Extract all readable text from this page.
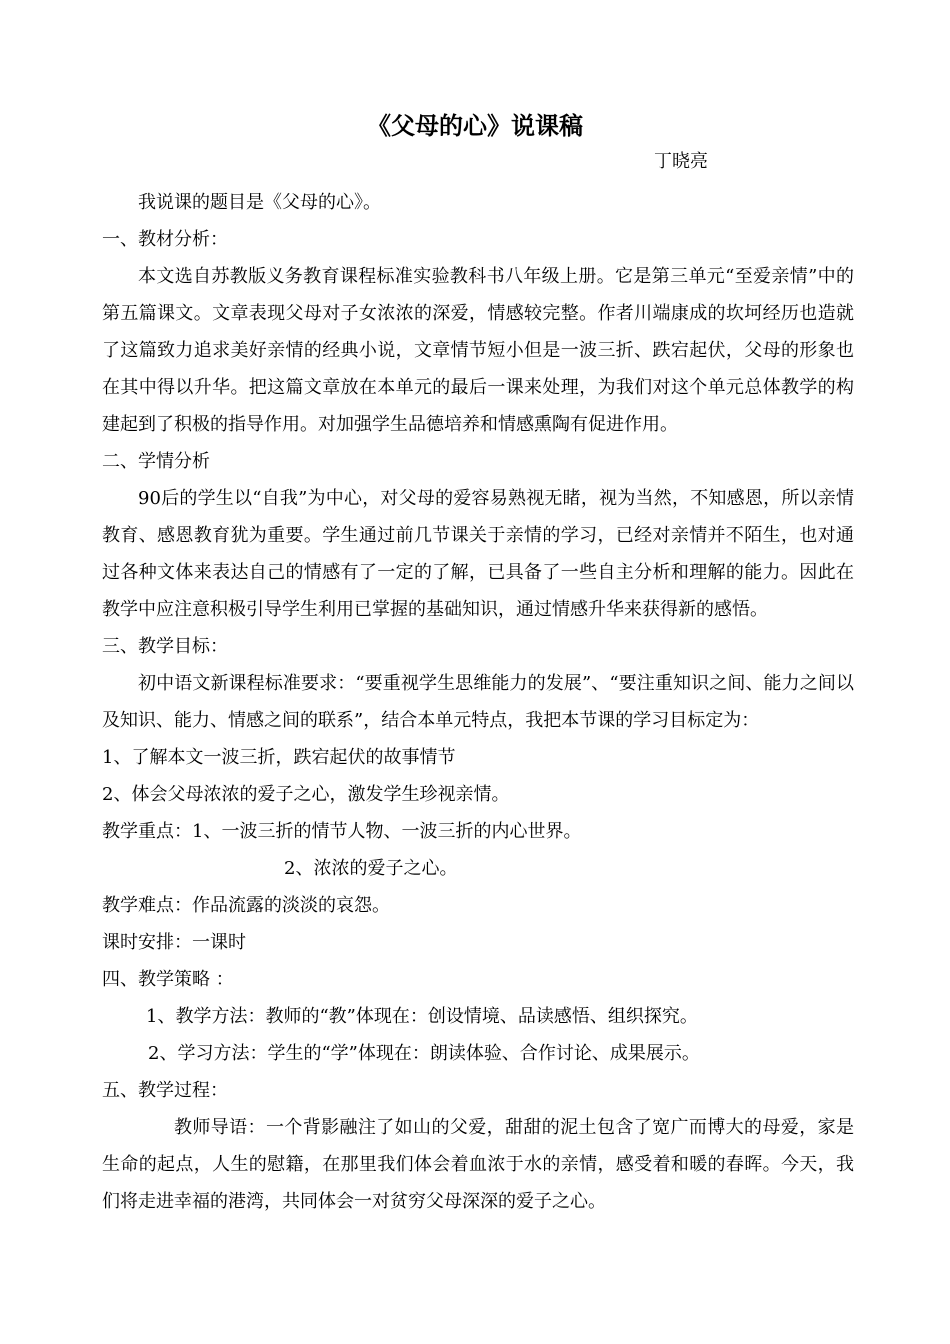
《父母的心》说课稿
丁晓亮

我说课的题目是《父母的心》。

一、教材分析：

本文选自苏教版义务教育课程标准实验教科书八年级上册。它是第三单元“至爱亲情”中的第五篇课文。文章表现父母对子女浓浓的深爱，情感较完整。作者川端康成的坎坷经历也造就了这篇致力追求美好亲情的经典小说，文章情节短小但是一波三折、跌宕起伏，父母的形象也在其中得以升华。把这篇文章放在本单元的最后一课来处理，为我们对这个单元总体教学的构建起到了积极的指导作用。对加强学生品德培养和情感熏陶有促进作用。

二、学情分析

90后的学生以“自我”为中心，对父母的爱容易熟视无睹，视为当然，不知感恩，所以亲情教育、感恩教育犹为重要。学生通过前几节课关于亲情的学习，已经对亲情并不陌生，也对通过各种文体来表达自己的情感有了一定的了解，已具备了一些自主分析和理解的能力。因此在教学中应注意积极引导学生利用已掌握的基础知识，通过情感升华来获得新的感悟。

三、教学目标：

初中语文新课程标准要求：“要重视学生思维能力的发展”、“要注重知识之间、能力之间以及知识、能力、情感之间的联系”，结合本单元特点，我把本节课的学习目标定为：

1、了解本文一波三折，跌宕起伏的故事情节

2、体会父母浓浓的爱子之心，激发学生珍视亲情。

教学重点：1、一波三折的情节人物、一波三折的内心世界。

2、浓浓的爱子之心。

教学难点：作品流露的淡淡的哀怨。

课时安排：一课时

四、教学策略 ：

1、教学方法：教师的“教”体现在：创设情境、品读感悟、组织探究。

2、学习方法：学生的“学”体现在：朗读体验、合作讨论、成果展示。

五、教学过程：

教师导语：一个背影融注了如山的父爱，甜甜的泥土包含了宽广而博大的母爱，家是生命的起点，人生的慰籍，在那里我们体会着血浓于水的亲情，感受着和暖的春晖。今天，我们将走进幸福的港湾，共同体会一对贫穷父母深深的爱子之心。
